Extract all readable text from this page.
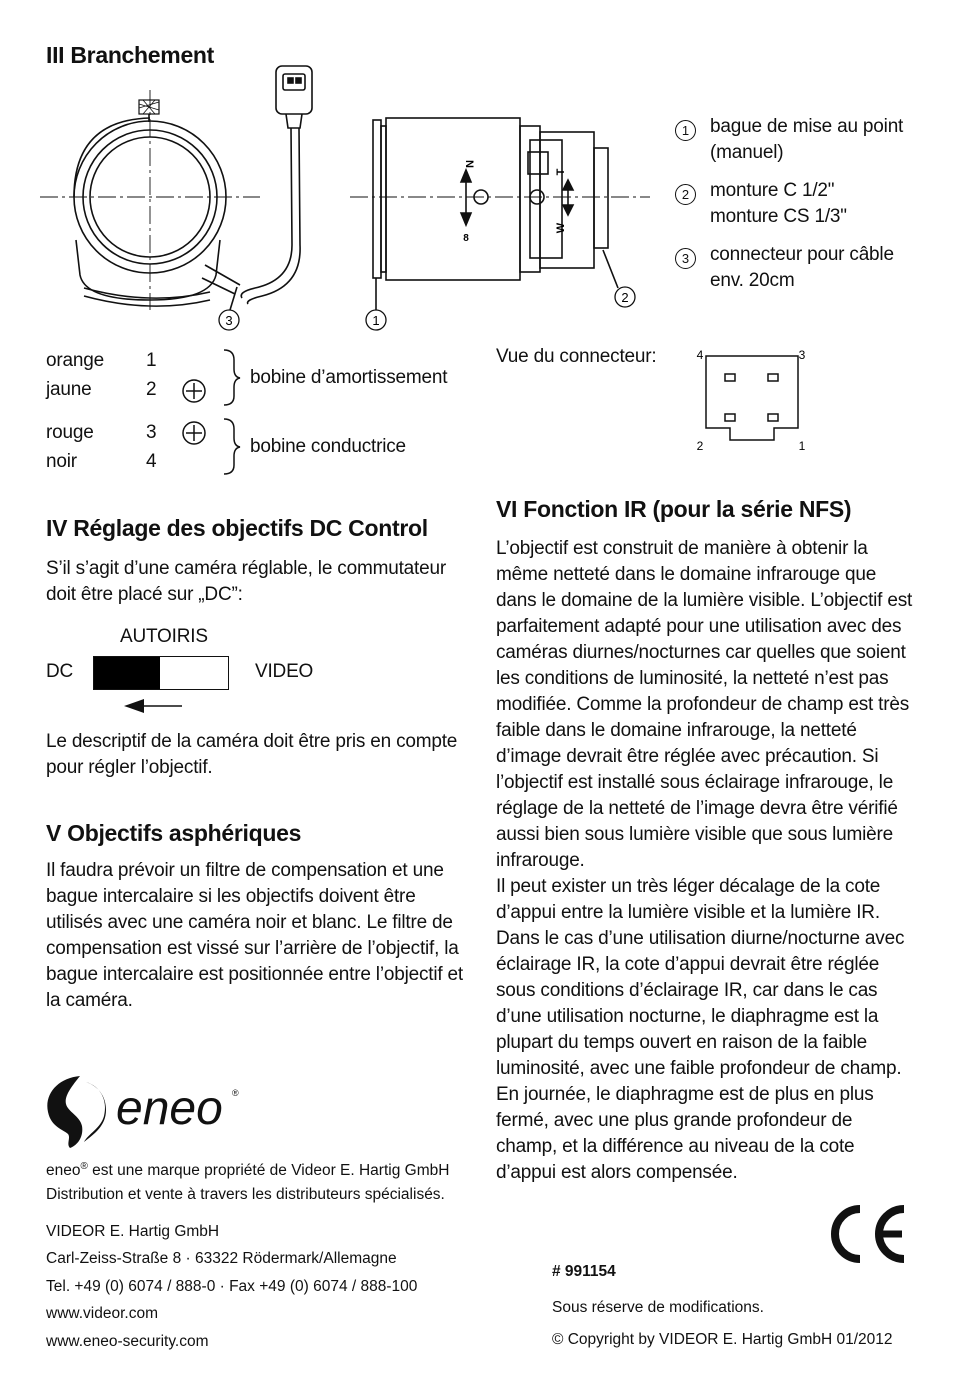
III Branchement
N
8
T
W
3	1
2
1	bague de mise au point (manuel)
2	monture C 1/2"
monture CS 1/3"
3	connecteur pour câble env. 20cm
orange 1
jaune	2
rouge	3
noir	4
bobine d’amortissement
bobine conductrice
Vue du connecteur:	4	3
2	1
IV Réglage des objectifs DC Control
S’il s’agit d’une caméra réglable, le commutateur doit être placé sur „DC”:
AUTOIRIS
DC	VIDEO
Le descriptif de la caméra doit être pris en compte pour régler l’objectif.
V Objectifs asphériques
Il faudra prévoir un filtre de compensation et une bague intercalaire si les objectifs doivent être utilisés avec une caméra noir et blanc. Le filtre de compensation est vissé sur l’arrière de l’objectif, la bague intercalaire est positionnée entre l’objectif et la caméra.
VI Fonction IR (pour la série NFS)

L’objectif est construit de manière à obtenir la même netteté dans le domaine infrarouge que dans le domaine de la lumière visible. L’objectif est parfaitement adapté pour une utilisation avec des caméras diurnes/nocturnes car quelles que soient les conditions de luminosité, la netteté n’est pas modifiée. Comme la profondeur de champ est très faible dans le domaine infrarouge, la netteté d’image devrait être réglée avec précaution. Si l’objectif est installé sous éclairage infrarouge, le réglage de la netteté de l’image devra être vérifié aussi bien sous lumière visible que sous lumière infrarouge.

Il peut exister un très léger décalage de la cote d’appui entre la lumière visible et la lumière IR. Dans le cas d’une utilisation diurne/nocturne avec éclairage IR, la cote d’appui devrait être réglée sous conditions d’éclairage IR, car dans le cas d’une utilisation nocturne, le diaphragme est la plupart du temps ouvert en raison de la faible luminosité, avec une faible profondeur de champ. En journée, le diaphragme est de plus en plus fermé, avec une plus grande profondeur de champ, et la différence au niveau de la cote d’appui est alors compensée.

eneo ®
eneo® est une marque propriété de Videor E. Hartig GmbH
Distribution et vente à travers les distributeurs spécialisés.
VIDEOR E. Hartig GmbH
Carl-Zeiss-Straße 8 · 63322 Rödermark/Allemagne
Tel. +49 (0) 6074 / 888-0 · Fax +49 (0) 6074 / 888-100
www.videor.com
www.eneo-security.com
# 991154
Sous réserve de modifications.
© Copyright by VIDEOR E. Hartig GmbH 01/2012
